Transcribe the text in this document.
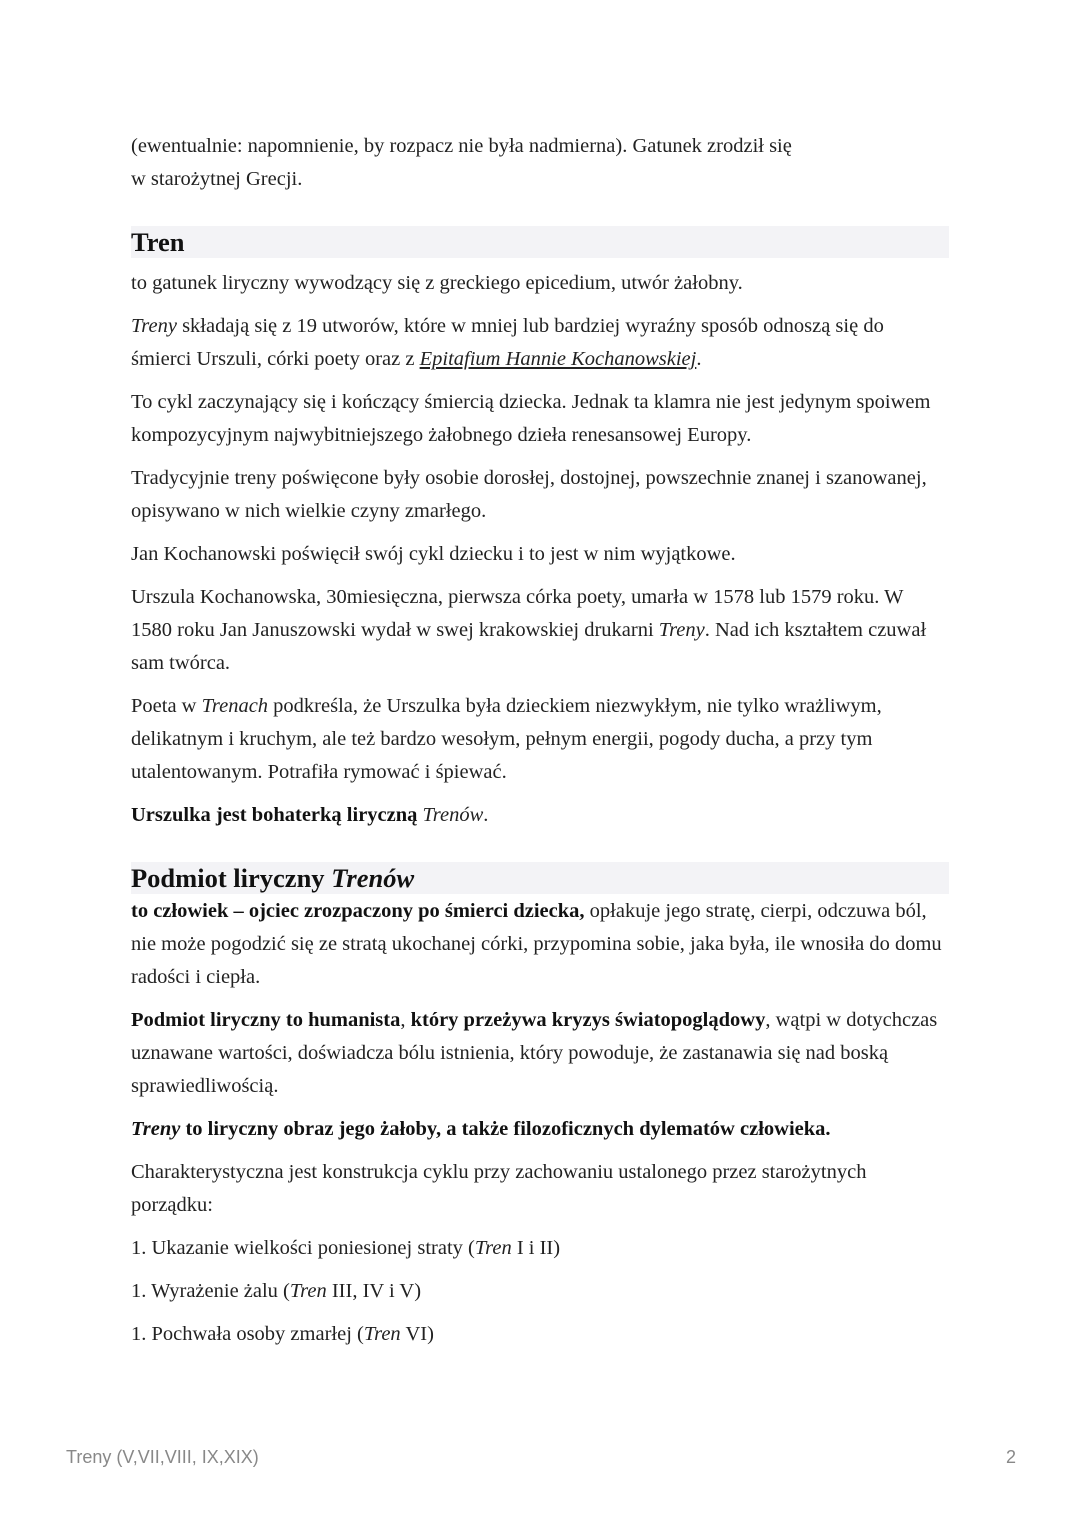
(ewentualnie: napomnienie, by rozpacz nie była nadmierna). Gatunek zrodził się
w starożytnej Grecji.

Tren

to gatunek liryczny wywodzący się z greckiego epicedium, utwór żałobny.

Treny składają się z 19 utworów, które w mniej lub bardziej wyraźny sposób odnoszą się do śmierci Urszuli, córki poety oraz z Epitafium Hannie Kochanowskiej.

To cykl zaczynający się i kończący śmiercią dziecka. Jednak ta klamra nie jest jedynym spoiwem kompozycyjnym najwybitniejszego żałobnego dzieła renesansowej Europy.

Tradycyjnie treny poświęcone były osobie dorosłej, dostojnej, powszechnie znanej i szanowanej, opisywano w nich wielkie czyny zmarłego.

Jan Kochanowski poświęcił swój cykl dziecku i to jest w nim wyjątkowe.

Urszula Kochanowska, 30miesięczna, pierwsza córka poety, umarła w 1578 lub 1579 roku. W 1580 roku Jan Januszowski wydał w swej krakowskiej drukarni Treny. Nad ich kształtem czuwał sam twórca.

Poeta w Trenach podkreśla, że Urszulka była dzieckiem niezwykłym, nie tylko wrażliwym, delikatnym i kruchym, ale też bardzo wesołym, pełnym energii, pogody ducha, a przy tym utalentowanym. Potrafiła rymować i śpiewać.

Urszulka jest bohaterką liryczną Trenów.

Podmiot liryczny Trenów

to człowiek – ojciec zrozpaczony po śmierci dziecka, opłakuje jego stratę, cierpi, odczuwa ból, nie może pogodzić się ze stratą ukochanej córki, przypomina sobie, jaka była, ile wnosiła do domu radości i ciepła.

Podmiot liryczny to humanista, który przeżywa kryzys światopoglądowy, wątpi w dotychczas uznawane wartości, doświadcza bólu istnienia, który powoduje, że zastanawia się nad boską sprawiedliwością.

Treny to liryczny obraz jego żałoby, a także filozoficznych dylematów człowieka.

Charakterystyczna jest konstrukcja cyklu przy zachowaniu ustalonego przez starożytnych porządku:

1. Ukazanie wielkości poniesionej straty (Tren I i II)

1. Wyrażenie żalu (Tren III, IV i V)

1. Pochwała osoby zmarłej (Tren VI)

Treny (V,VII,VIII, IX,XIX)	2
